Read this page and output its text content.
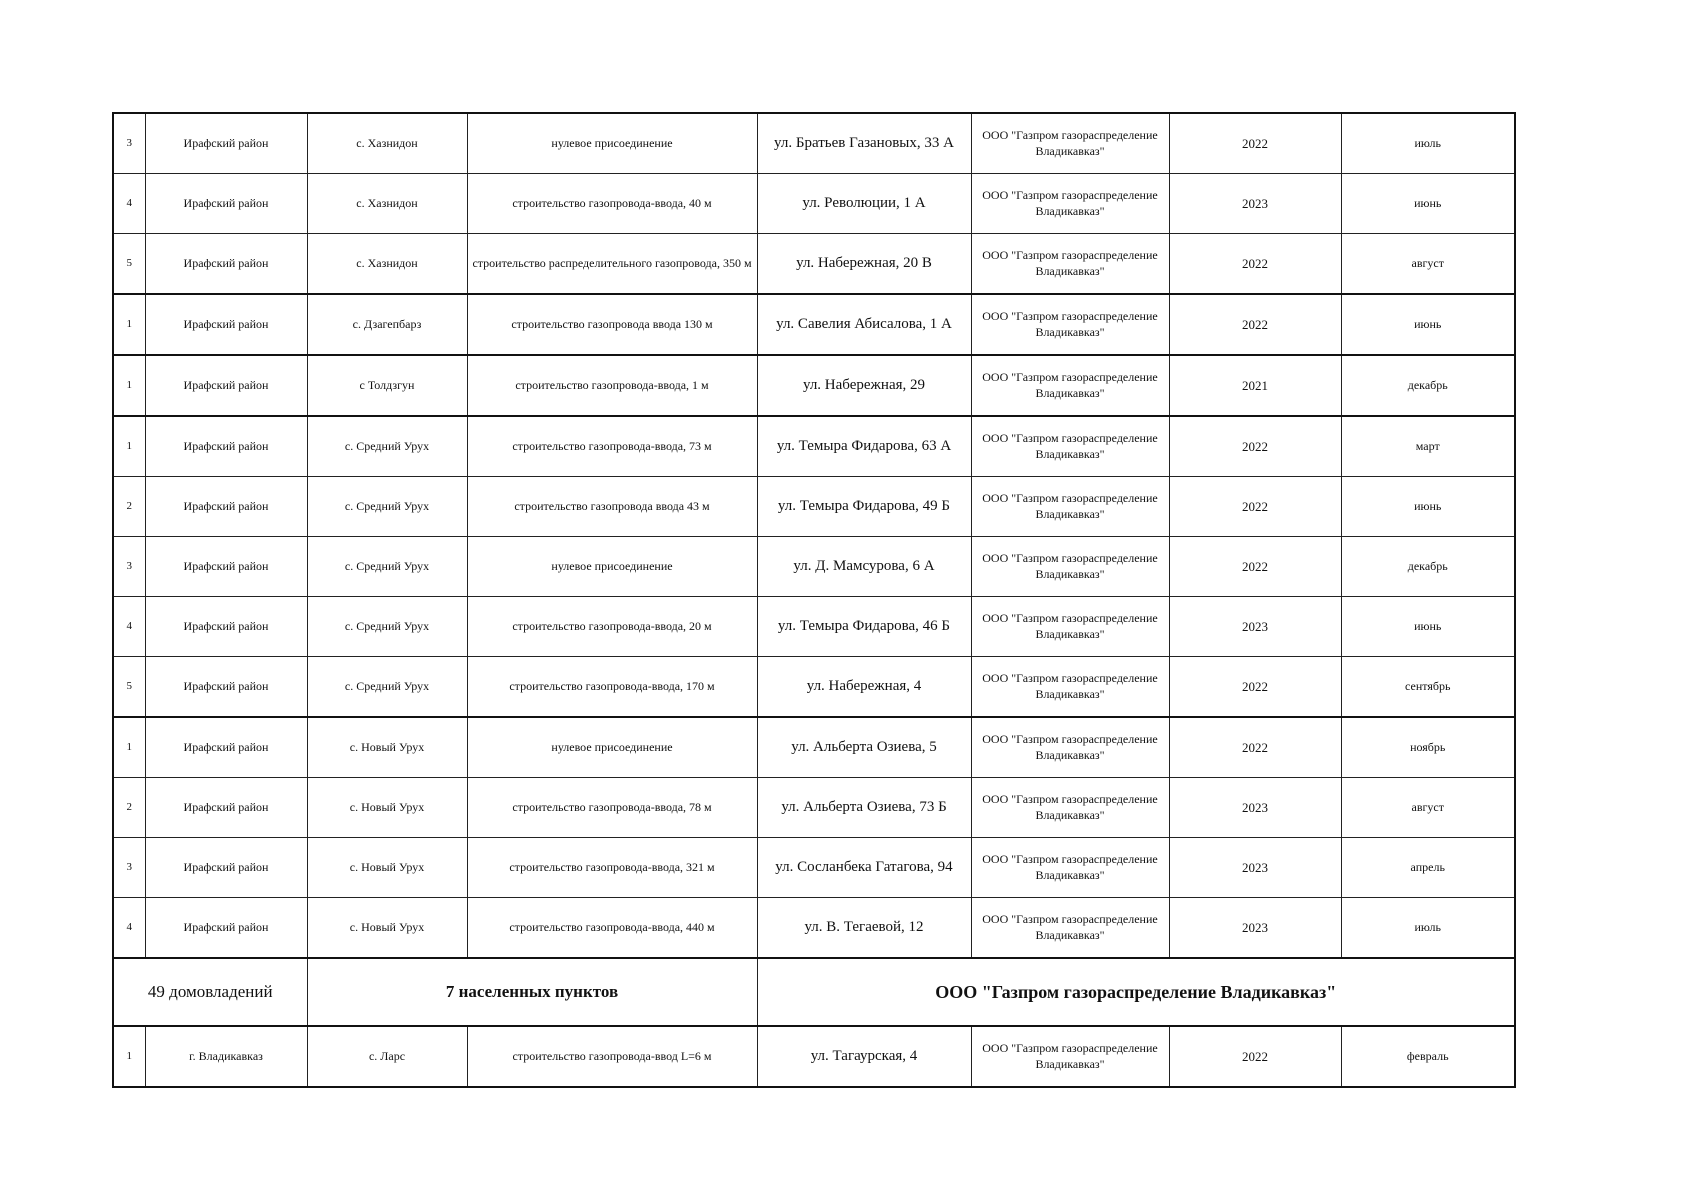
3	Ирафский район	с. Хазнидон	нулевое присоединение	ул. Братьев Газановых, 33 А	ООО "Газпром газораспределение Владикавказ"	2022	июль
4	Ирафский район	с. Хазнидон	строительство газопровода-ввода, 40 м	ул. Революции, 1 А	ООО "Газпром газораспределение Владикавказ"	2023	июнь
5	Ирафский район	с. Хазнидон	строительство распределительного газопровода, 350 м	ул. Набережная, 20 В	ООО "Газпром газораспределение Владикавказ"	2022	август
1	Ирафский район	с. Дзагепбарз	строительство газопровода ввода 130 м	ул. Савелия Абисалова, 1 А	ООО "Газпром газораспределение Владикавказ"	2022	июнь
1	Ирафский район	с Толдзгун	строительство газопровода-ввода, 1 м	ул. Набережная, 29	ООО "Газпром газораспределение Владикавказ"	2021	декабрь
1	Ирафский район	с. Средний Урух	строительство газопровода-ввода, 73 м	ул. Темыра Фидарова, 63 А	ООО "Газпром газораспределение Владикавказ"	2022	март
2	Ирафский район	с. Средний Урух	строительство газопровода ввода 43 м	ул. Темыра Фидарова, 49 Б	ООО "Газпром газораспределение Владикавказ"	2022	июнь
3	Ирафский район	с. Средний Урух	нулевое присоединение	ул. Д. Мамсурова, 6 А	ООО "Газпром газораспределение Владикавказ"	2022	декабрь
4	Ирафский район	с. Средний Урух	строительство газопровода-ввода, 20 м	ул. Темыра Фидарова, 46 Б	ООО "Газпром газораспределение Владикавказ"	2023	июнь
5	Ирафский район	с. Средний Урух	строительство газопровода-ввода, 170 м	ул. Набережная, 4	ООО "Газпром газораспределение Владикавказ"	2022	сентябрь
1	Ирафский район	с. Новый Урух	нулевое присоединение	ул. Альберта Озиева, 5	ООО "Газпром газораспределение Владикавказ"	2022	ноябрь
2	Ирафский район	с. Новый Урух	строительство газопровода-ввода, 78 м	ул. Альберта Озиева, 73 Б	ООО "Газпром газораспределение Владикавказ"	2023	август
3	Ирафский район	с. Новый Урух	строительство газопровода-ввода, 321 м	ул. Сосланбека Гатагова, 94	ООО "Газпром газораспределение Владикавказ"	2023	апрель
4	Ирафский район	с. Новый Урух	строительство газопровода-ввода, 440 м	ул. В. Тегаевой, 12	ООО "Газпром газораспределение Владикавказ"	2023	июль
49 домовладений		7 населенных пунктов		ООО "Газпром газораспределение Владикавказ"			
1	г. Владикавказ	с. Ларс	строительство газопровода-ввод L=6 м	ул. Тагаурская, 4	ООО "Газпром газораспределение Владикавказ"	2022	февраль
